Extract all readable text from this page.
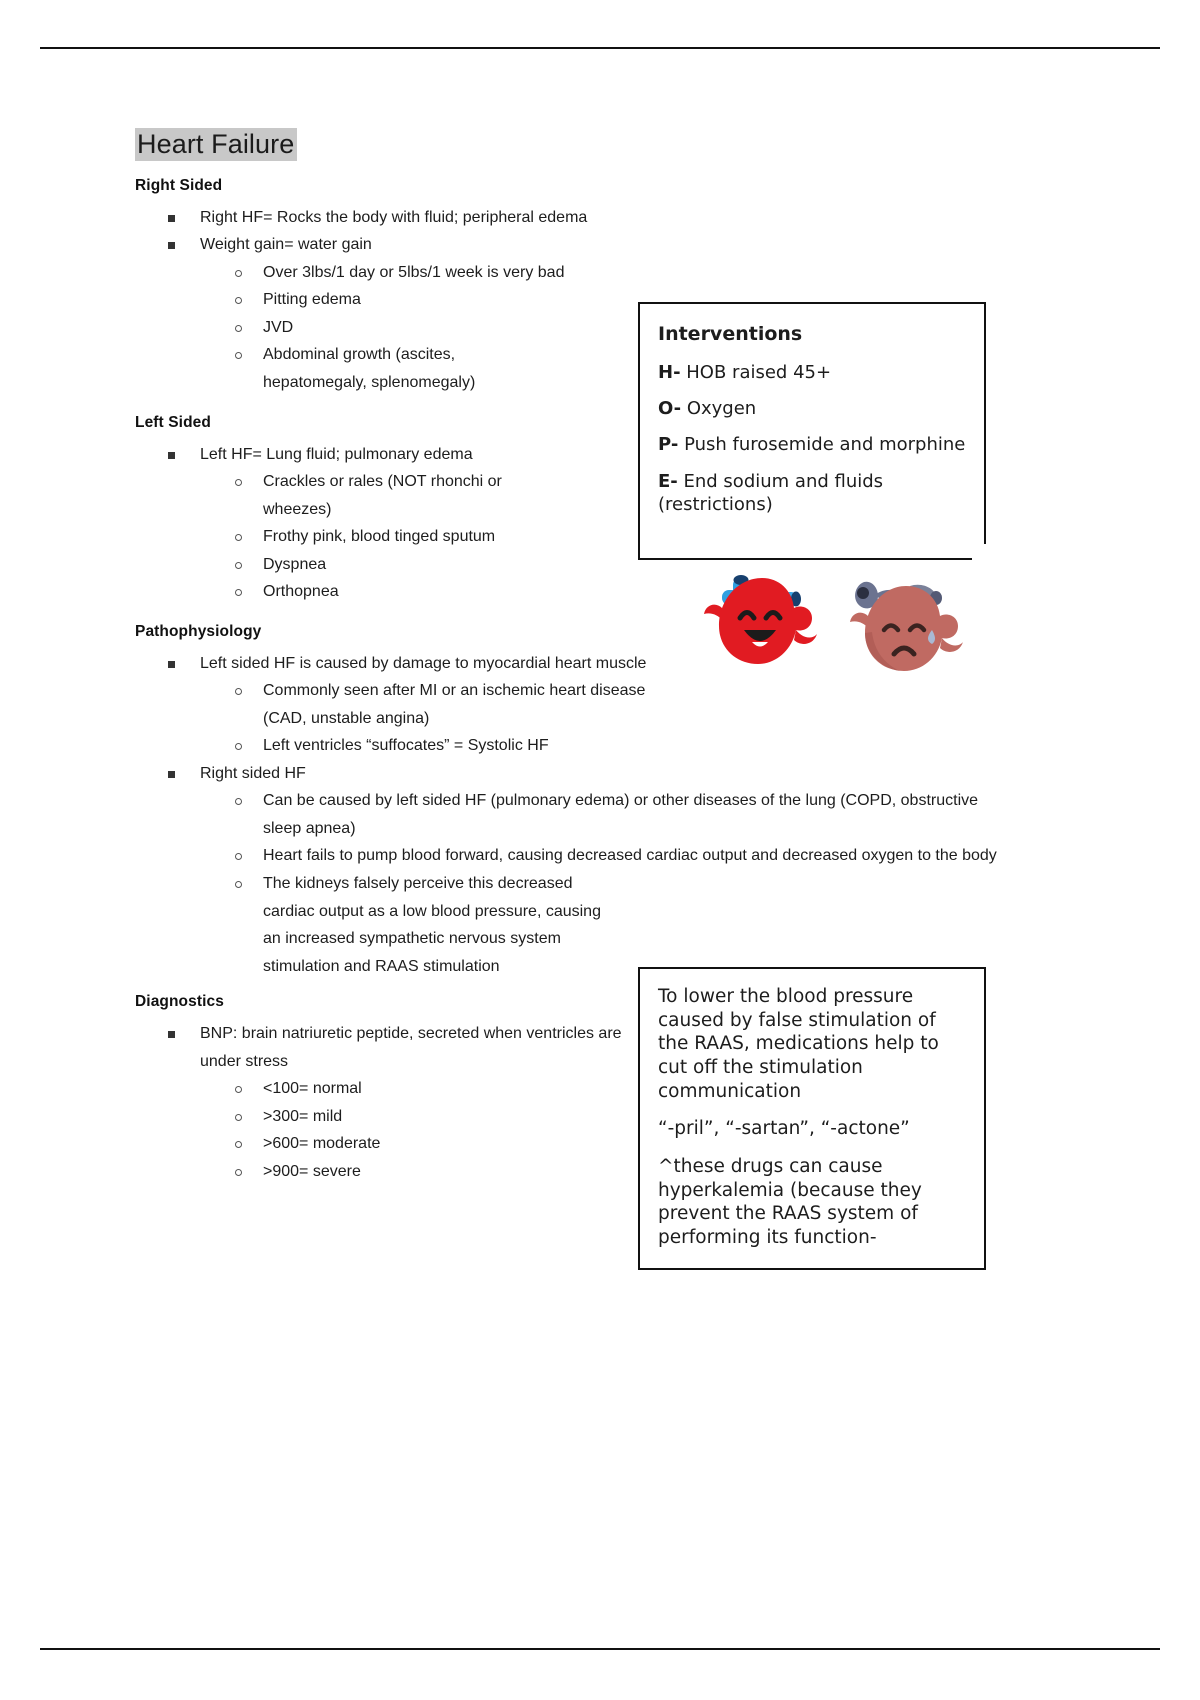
Heart Failure
Right Sided
Right HF= Rocks the body with fluid; peripheral edema
Weight gain= water gain
Over 3lbs/1 day or 5lbs/1 week is very bad
Pitting edema
JVD
Abdominal growth (ascites, hepatomegaly, splenomegaly)
Left Sided
Left HF= Lung fluid; pulmonary edema
Crackles or rales (NOT rhonchi or wheezes)
Frothy pink, blood tinged sputum
Dyspnea
Orthopnea
Pathophysiology
Left sided HF is caused by damage to myocardial heart muscle
Commonly seen after MI or an ischemic heart disease (CAD, unstable angina)
Left ventricles “suffocates” = Systolic HF
Right sided HF
Can be caused by left sided HF (pulmonary edema) or other diseases of the lung (COPD, obstructive sleep apnea)
Heart fails to pump blood forward, causing decreased cardiac output and decreased oxygen to the body
The kidneys falsely perceive this decreased cardiac output as a low blood pressure, causing an increased sympathetic nervous system stimulation and RAAS stimulation
Diagnostics
BNP: brain natriuretic peptide, secreted when ventricles are under stress
<100= normal
>300= mild
>600= moderate
>900= severe

Interventions

H- HOB raised 45+

O- Oxygen

P- Push furosemide and morphine

E- End sodium and fluids (restrictions)

To lower the blood pressure caused by false stimulation of the RAAS, medications help to cut off the stimulation communication

“-pril”, “-sartan”, “-actone”

^these drugs can cause hyperkalemia (because they prevent the RAAS system of performing its function-
